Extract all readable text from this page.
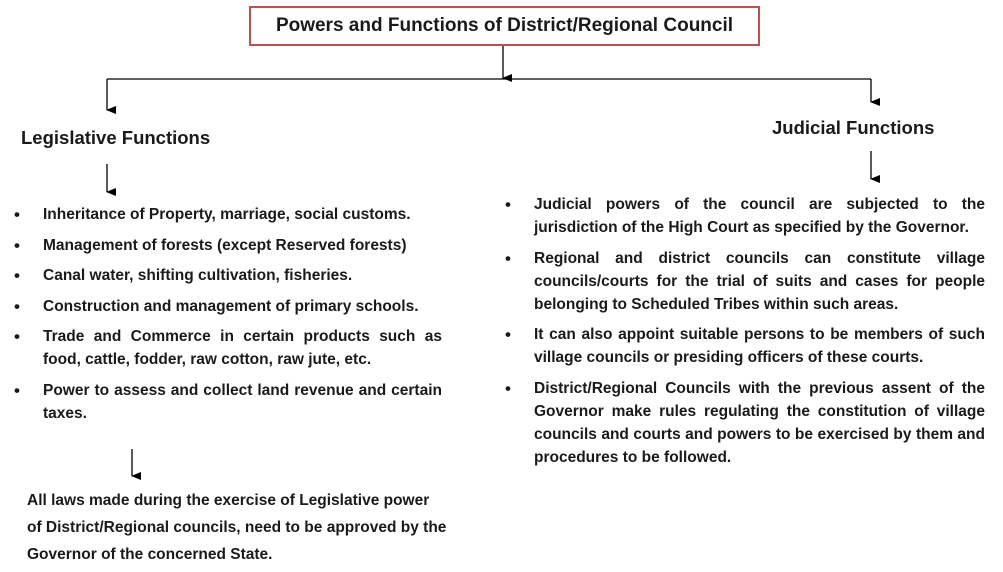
Powers and Functions of District/Regional Council
Legislative Functions	Judicial Functions
• Inheritance of Property, marriage, social customs.
• Management of forests (except Reserved forests)
• Canal water, shifting cultivation, fisheries.
• Construction and management of primary schools.
• Trade and Commerce in certain products such as food, cattle, fodder, raw cotton, raw jute, etc.
• Power to assess and collect land revenue and certain taxes.
All laws made during the exercise of Legislative power of District/Regional councils, need to be approved by the Governor of the concerned State.
• Judicial powers of the council are subjected to the jurisdiction of the High Court as specified by the Governor.
• Regional and district councils can constitute village councils/courts for the trial of suits and cases for people belonging to Scheduled Tribes within such areas.
• It can also appoint suitable persons to be members of such village councils or presiding officers of these courts.
• District/Regional Councils with the previous assent of the Governor make rules regulating the constitution of village councils and courts and powers to be exercised by them and procedures to be followed.
